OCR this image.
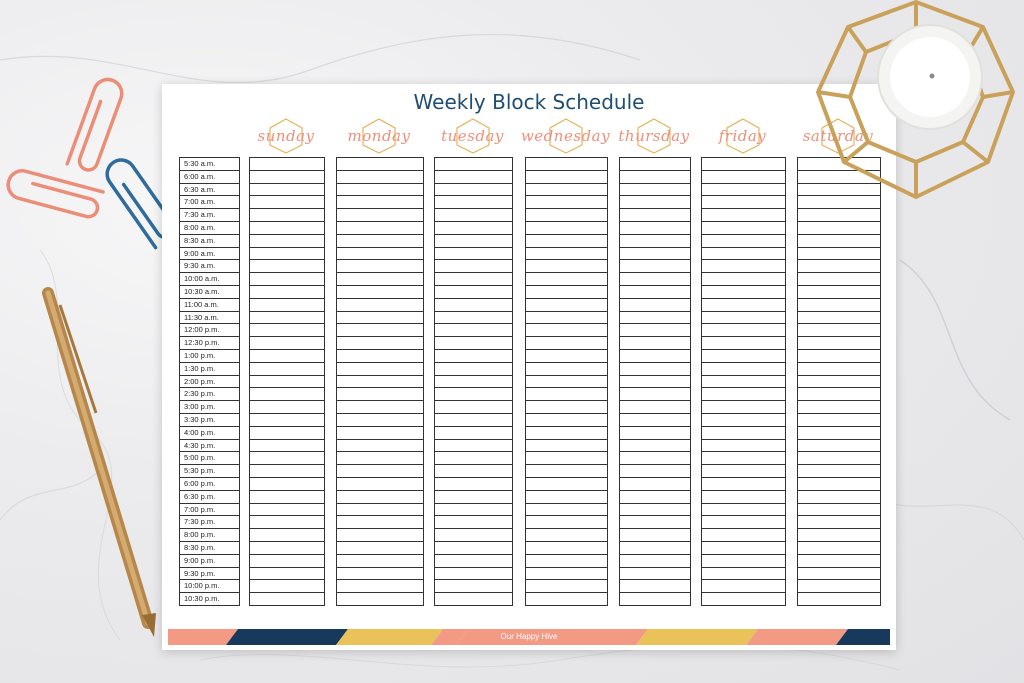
Weekly Block Schedule
sunday monday tuesday wednesday thursday friday saturday
5:30 a.m.
6:00 a.m.
6:30 a.m.
7:00 a.m.
7:30 a.m.
8:00 a.m.
8:30 a.m.
9:00 a.m.
9:30 a.m.
10:00 a.m.
10:30 a.m.
11:00 a.m.
11:30 a.m.
12:00 p.m.
12:30 p.m.
1:00 p.m.
1:30 p.m.
2:00 p.m.
2:30 p.m.
3:00 p.m.
3:30 p.m.
4:00 p.m.
4:30 p.m.
5:00 p.m.
5:30 p.m.
6:00 p.m.
6:30 p.m.
7:00 p.m.
7:30 p.m.
8:00 p.m.
8:30 p.m.
9:00 p.m.
9:30 p.m.
10:00 p.m.
10:30 p.m.
Our Happy Hive
